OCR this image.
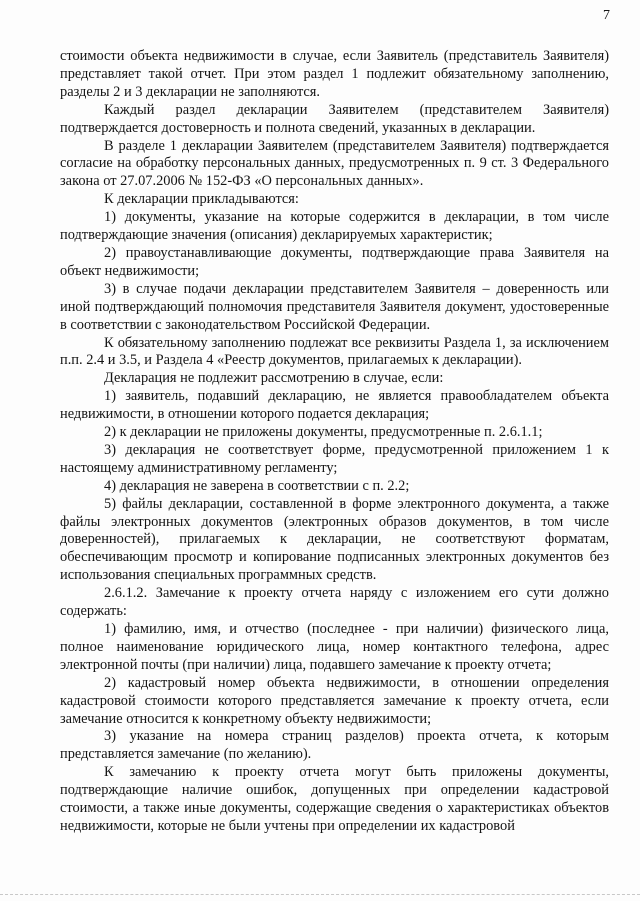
7

стоимости объекта недвижимости в случае, если Заявитель (представитель Заявителя) представляет такой отчет. При этом раздел 1 подлежит обязательному заполнению, разделы 2 и 3 декларации не заполняются.

Каждый раздел декларации Заявителем (представителем Заявителя) подтверждается достоверность и полнота сведений, указанных в декларации.

В разделе 1 декларации Заявителем (представителем Заявителя) подтверждается согласие на обработку персональных данных, предусмотренных п. 9 ст. 3 Федерального закона от 27.07.2006 № 152-ФЗ «О персональных данных».

К декларации прикладываются:

1) документы, указание на которые содержится в декларации, в том числе подтверждающие значения (описания) декларируемых характеристик;

2) правоустанавливающие документы, подтверждающие права Заявителя на объект недвижимости;

3) в случае подачи декларации представителем Заявителя – доверенность или иной подтверждающий полномочия представителя Заявителя документ, удостоверенные в соответствии с законодательством Российской Федерации.

К обязательному заполнению подлежат все реквизиты Раздела 1, за исключением п.п. 2.4 и 3.5, и Раздела 4 «Реестр документов, прилагаемых к декларации).

Декларация не подлежит рассмотрению в случае, если:

1) заявитель, подавший декларацию, не является правообладателем объекта недвижимости, в отношении которого подается декларация;

2) к декларации не приложены документы, предусмотренные п. 2.6.1.1;

3) декларация не соответствует форме, предусмотренной приложением 1 к настоящему административному регламенту;

4) декларация не заверена в соответствии с п. 2.2;

5) файлы декларации, составленной в форме электронного документа, а также файлы электронных документов (электронных образов документов, в том числе доверенностей), прилагаемых к декларации, не соответствуют форматам, обеспечивающим просмотр и копирование подписанных электронных документов без использования специальных программных средств.

2.6.1.2. Замечание к проекту отчета наряду с изложением его сути должно содержать:

1) фамилию, имя, и отчество (последнее - при наличии) физического лица, полное наименование юридического лица, номер контактного телефона, адрес электронной почты (при наличии) лица, подавшего замечание к проекту отчета;

2) кадастровый номер объекта недвижимости, в отношении определения кадастровой стоимости которого представляется замечание к проекту отчета, если замечание относится к конкретному объекту недвижимости;

3) указание на номера страниц разделов) проекта отчета, к которым представляется замечание (по желанию).

К замечанию к проекту отчета могут быть приложены документы, подтверждающие наличие ошибок, допущенных при определении кадастровой стоимости, а также иные документы, содержащие сведения о характеристиках объектов недвижимости, которые не были учтены при определении их кадастровой
